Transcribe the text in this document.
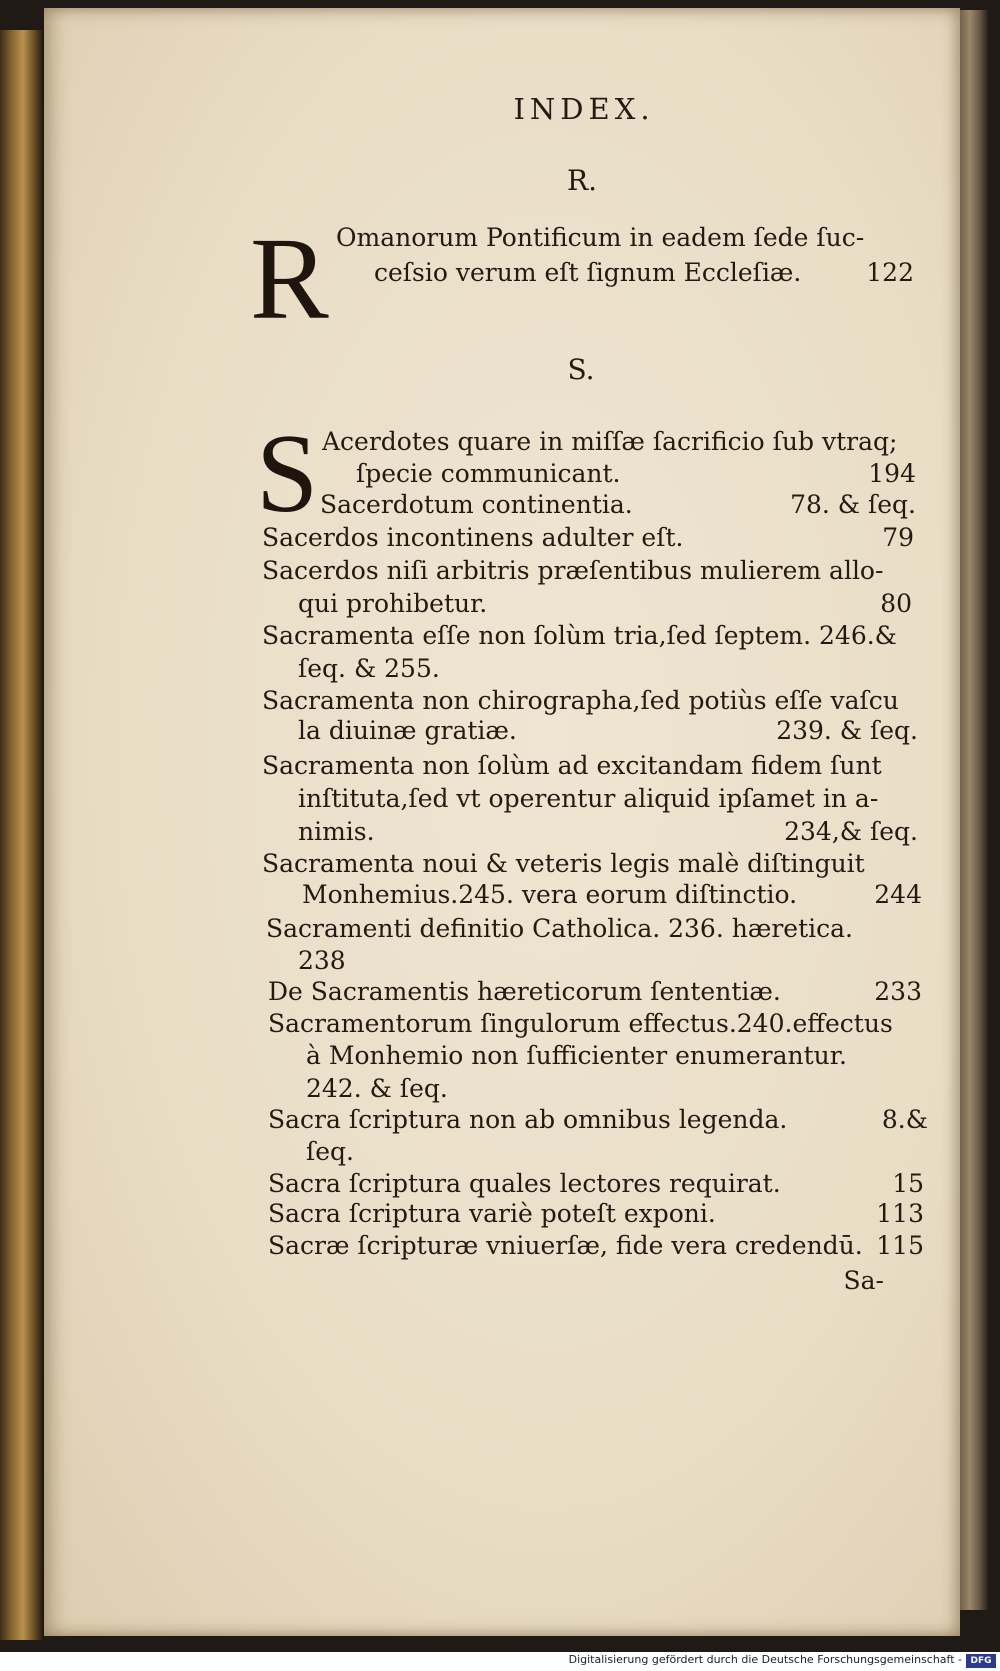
INDEX.
R.
R Omanorum Pontificum in eadem ſede ſuc-
ceſsio verum eſt ſignum Eccleſiæ.	122
S.
S Acerdotes quare in miſſæ ſacrificio ſub vtraq;
ſpecie communicant.	194
Sacerdotum continentia.	78. & ſeq.
Sacerdos incontinens adulter eſt.	79
Sacerdos niſi arbitris præſentibus mulierem allo-
qui prohibetur.	80
Sacramenta eſſe non ſolùm tria,ſed ſeptem. 246.&
ſeq. & 255.
Sacramenta non chirographa,ſed potiùs eſſe vaſcu
la diuinæ gratiæ.	239. & ſeq.
Sacramenta non ſolùm ad excitandam fidem ſunt
inſtituta,ſed vt operentur aliquid ipſamet in a-
nimis.	234,& ſeq.
Sacramenta noui & veteris legis malè diſtinguit
Monhemius.245. vera eorum diſtinctio.	244
Sacramenti definitio Catholica. 236. hæretica.
238
De Sacramentis hæreticorum ſententiæ.	233
Sacramentorum ſingulorum effectus.240.effectus
à Monhemio non ſufficienter enumerantur.
242. & ſeq.
Sacra ſcriptura non ab omnibus legenda.	8.&
ſeq.
Sacra ſcriptura quales lectores requirat.	15
Sacra ſcriptura variè poteſt exponi.	113
Sacræ ſcripturæ vniuerſæ, fide vera credendū. 115
Sa-
Digitalisierung gefördert durch die Deutsche Forschungsgemeinschaft - DFG
